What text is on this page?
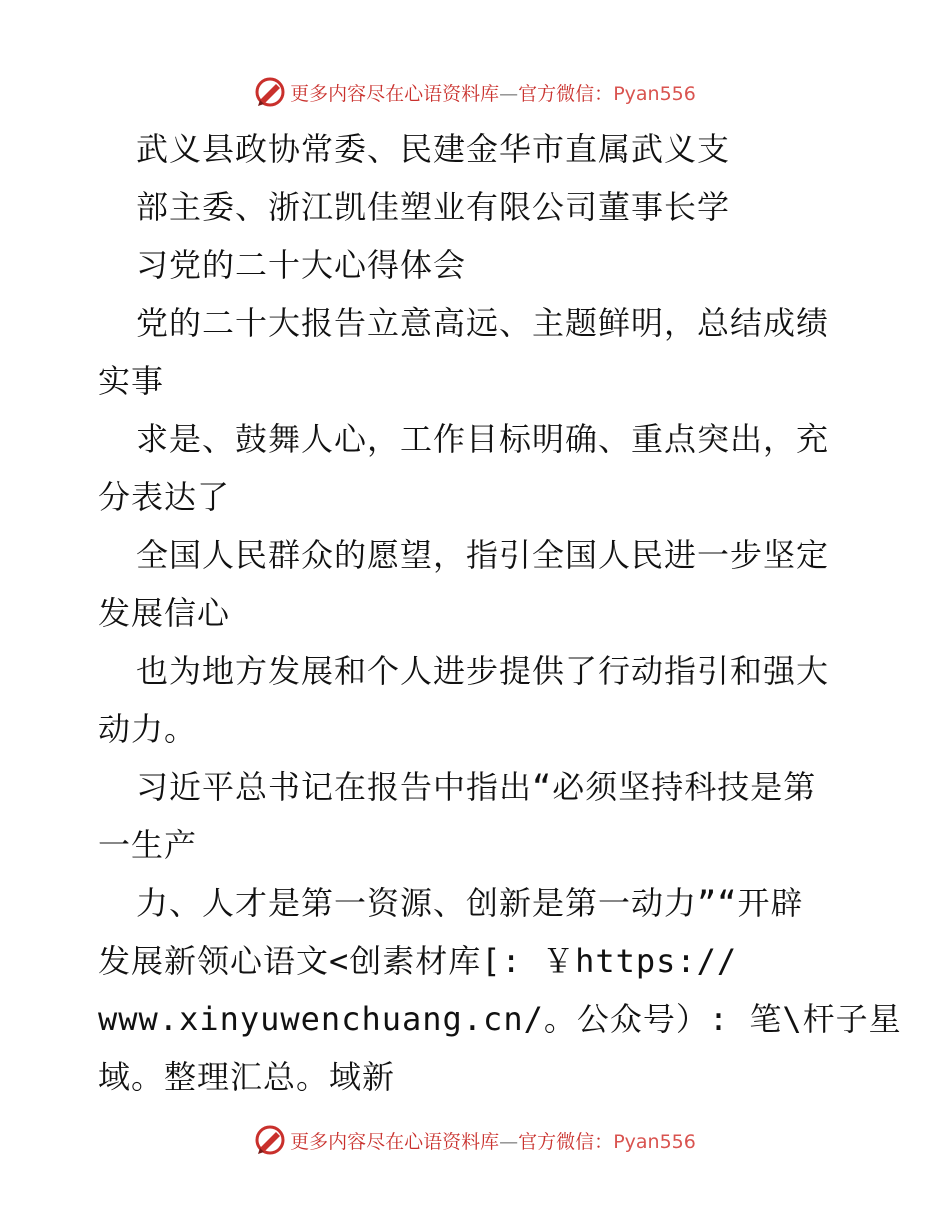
更多内容尽在心语资料库—官方微信：Pyan556
武义县政协常委、民建金华市直属武义支
部主委、浙江凯佳塑业有限公司董事长学
习党的二十大心得体会
党的二十大报告立意高远、主题鲜明，总结成绩
实事
求是、鼓舞人心，工作目标明确、重点突出，充
分表达了
全国人民群众的愿望，指引全国人民进一步坚定
发展信心
也为地方发展和个人进步提供了行动指引和强大
动力。
习近平总书记在报告中指出“必须坚持科技是第
一生产
力、人才是第一资源、创新是第一动力”“开辟
发展新领心语文<创素材库[: ￥https://
www.xinyuwenchuang.cn/。公众号）: 笔\杆子星
域。整理汇总。域新
更多内容尽在心语资料库—官方微信：Pyan556
